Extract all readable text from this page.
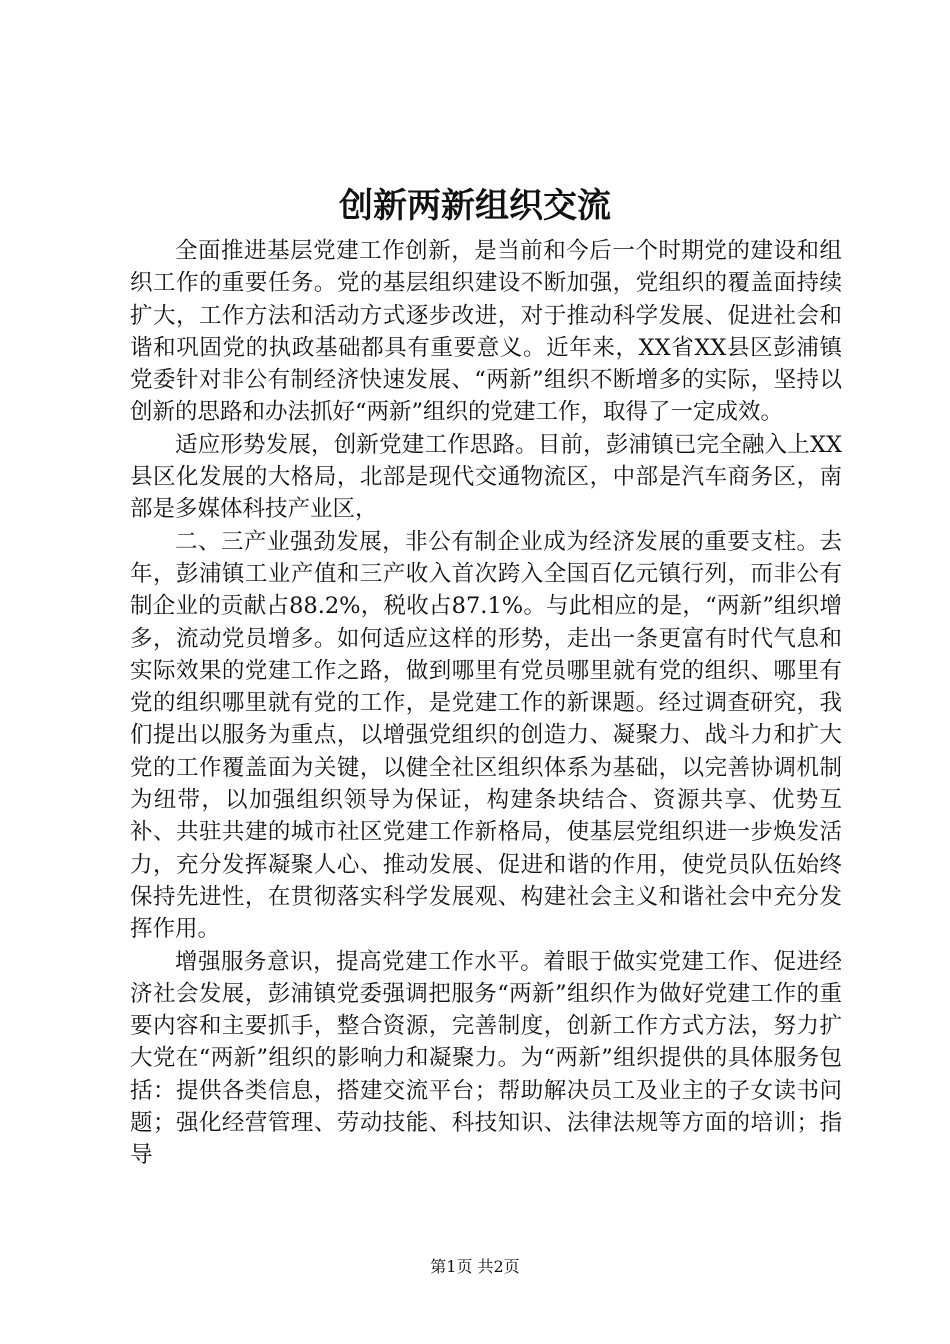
创新两新组织交流

全面推进基层党建工作创新，是当前和今后一个时期党的建设和组织工作的重要任务。党的基层组织建设不断加强，党组织的覆盖面持续扩大，工作方法和活动方式逐步改进，对于推动科学发展、促进社会和谐和巩固党的执政基础都具有重要意义。近年来，XX省XX县区彭浦镇党委针对非公有制经济快速发展、“两新”组织不断增多的实际，坚持以创新的思路和办法抓好“两新”组织的党建工作，取得了一定成效。

适应形势发展，创新党建工作思路。目前，彭浦镇已完全融入上XX县区化发展的大格局，北部是现代交通物流区，中部是汽车商务区，南部是多媒体科技产业区，

二、三产业强劲发展，非公有制企业成为经济发展的重要支柱。去年，彭浦镇工业产值和三产收入首次跨入全国百亿元镇行列，而非公有制企业的贡献占88.2%，税收占87.1%。与此相应的是，“两新”组织增多，流动党员增多。如何适应这样的形势，走出一条更富有时代气息和实际效果的党建工作之路，做到哪里有党员哪里就有党的组织、哪里有党的组织哪里就有党的工作，是党建工作的新课题。经过调查研究，我们提出以服务为重点，以增强党组织的创造力、凝聚力、战斗力和扩大党的工作覆盖面为关键，以健全社区组织体系为基础，以完善协调机制为纽带，以加强组织领导为保证，构建条块结合、资源共享、优势互补、共驻共建的城市社区党建工作新格局，使基层党组织进一步焕发活力，充分发挥凝聚人心、推动发展、促进和谐的作用，使党员队伍始终保持先进性，在贯彻落实科学发展观、构建社会主义和谐社会中充分发挥作用。

增强服务意识，提高党建工作水平。着眼于做实党建工作、促进经济社会发展，彭浦镇党委强调把服务“两新”组织作为做好党建工作的重要内容和主要抓手，整合资源，完善制度，创新工作方式方法，努力扩大党在“两新”组织的影响力和凝聚力。为“两新”组织提供的具体服务包括：提供各类信息，搭建交流平台；帮助解决员工及业主的子女读书问题；强化经营管理、劳动技能、科技知识、法律法规等方面的培训；指导

第1页 共2页
